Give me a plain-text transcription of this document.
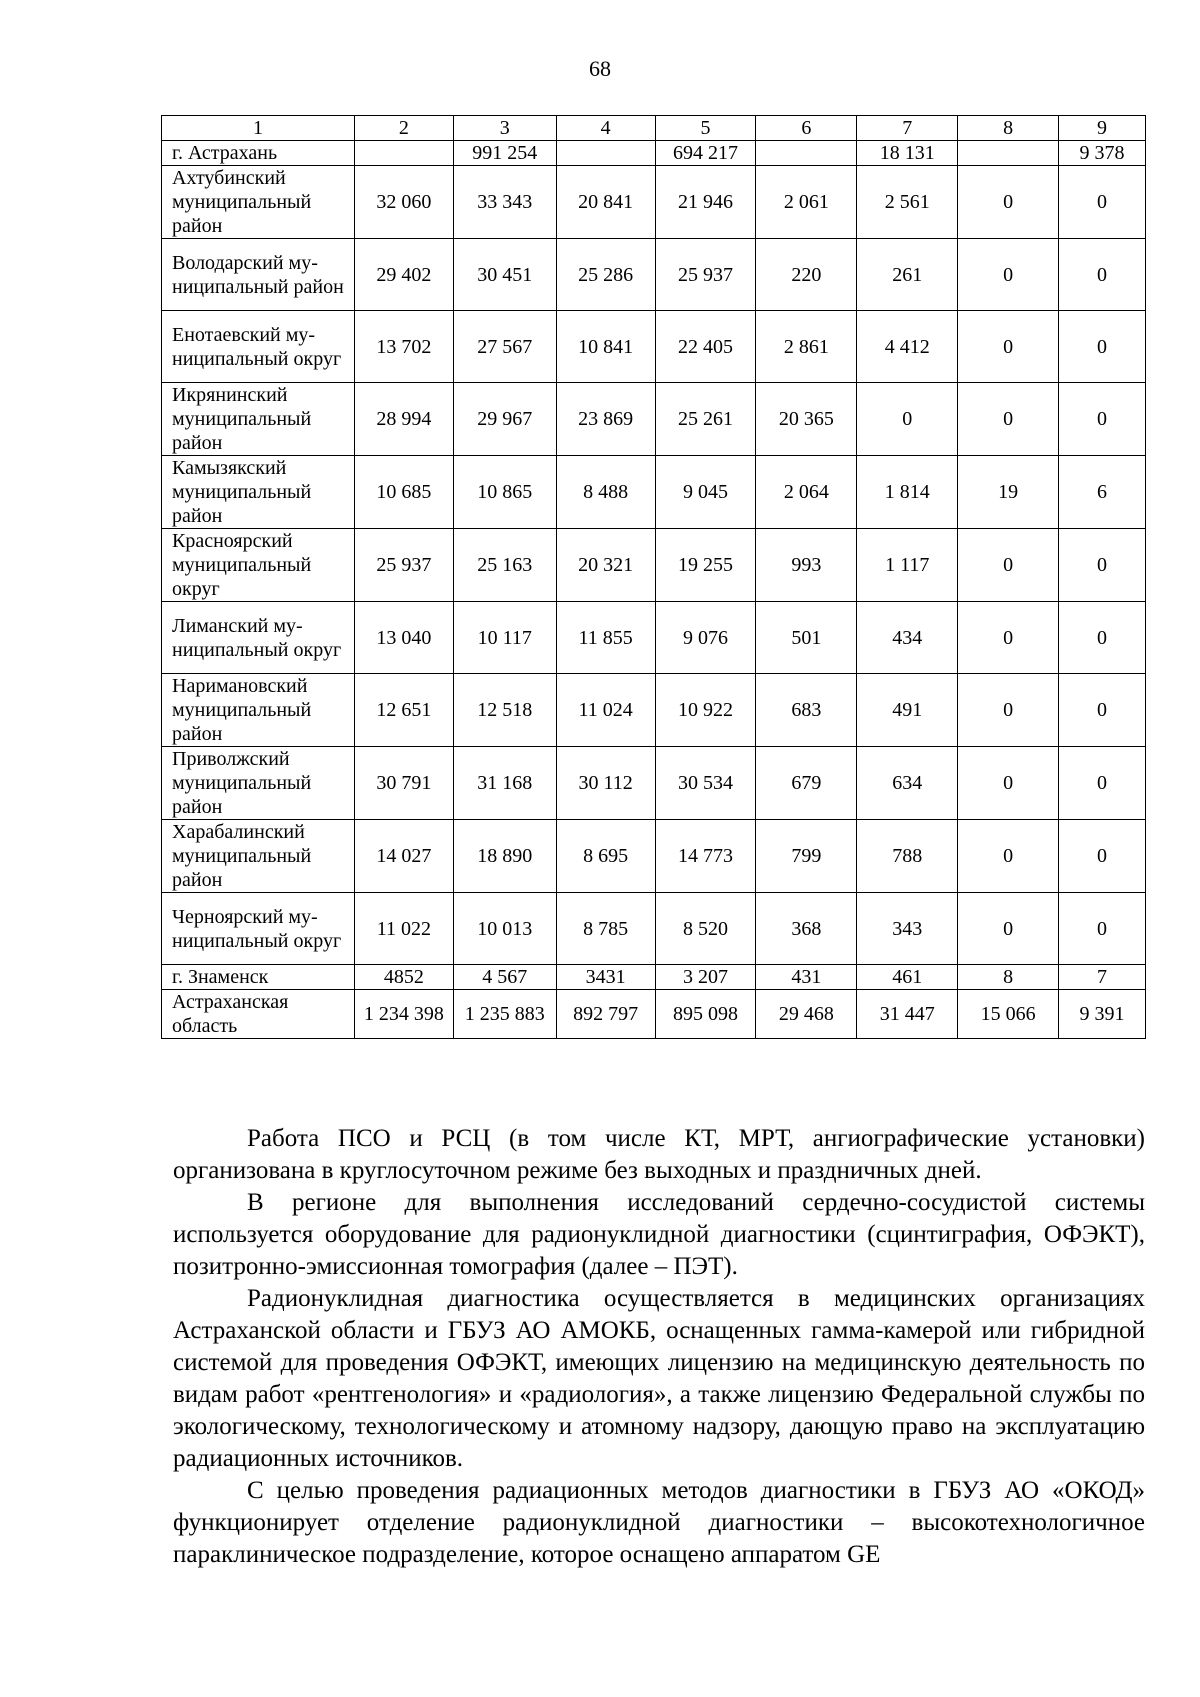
68
1	2	3	4	5	6	7	8	9
г. Астрахань		991 254		694 217		18 131		9 378
Ахтубинский муниципальный район	32 060	33 343	20 841	21 946	2 061	2 561	0	0
Володарский му-ниципальный район	29 402	30 451	25 286	25 937	220	261	0	0
Енотаевский му-ниципальный округ	13 702	27 567	10 841	22 405	2 861	4 412	0	0
Икрянинский муниципальный район	28 994	29 967	23 869	25 261	20 365	0	0	0
Камызякский муниципальный район	10 685	10 865	8 488	9 045	2 064	1 814	19	6
Красноярский муниципальный округ	25 937	25 163	20 321	19 255	993	1 117	0	0
Лиманский му-ниципальный округ	13 040	10 117	11 855	9 076	501	434	0	0
Наримановский муниципальный район	12 651	12 518	11 024	10 922	683	491	0	0
Приволжский муниципальный район	30 791	31 168	30 112	30 534	679	634	0	0
Харабалинский муниципальный район	14 027	18 890	8 695	14 773	799	788	0	0
Черноярский му-ниципальный округ	11 022	10 013	8 785	8 520	368	343	0	0
г. Знаменск	4852	4 567	3431	3 207	431	461	8	7
Астраханская область	1 234 398	1 235 883	892 797	895 098	29 468	31 447	15 066	9 391

Работа ПСО и РСЦ (в том числе КТ, МРТ, ангиографические установки) организована в круглосуточном режиме без выходных и праздничных дней.

В регионе для выполнения исследований сердечно-сосудистой системы используется оборудование для радионуклидной диагностики (сцинтиграфия, ОФЭКТ), позитронно-эмиссионная томография (далее – ПЭТ).

Радионуклидная диагностика осуществляется в медицинских организациях Астраханской области и ГБУЗ АО АМОКБ, оснащенных гамма-камерой или гибридной системой для проведения ОФЭКТ, имеющих лицензию на медицинскую деятельность по видам работ «рентгенология» и «радиология», а также лицензию Федеральной службы по экологическому, технологическому и атомному надзору, дающую право на эксплуатацию радиационных источников.

С целью проведения радиационных методов диагностики в ГБУЗ АО «ОКОД» функционирует отделение радионуклидной диагностики – высокотехнологичное параклиническое подразделение, которое оснащено аппаратом GE
